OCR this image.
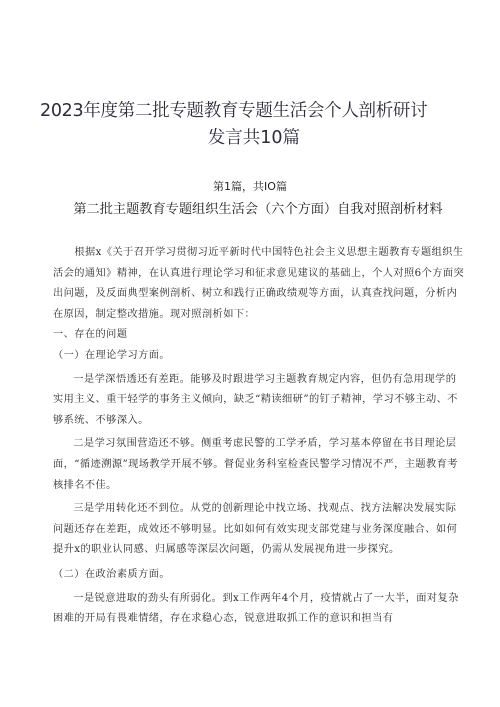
2023年度第二批专题教育专题生活会个人剖析研讨
发言共10篇
第1篇，共IO篇
第二批主题教育专题组织生活会（六个方面）自我对照剖析材料

根据x《关于召开学习贯彻习近平新时代中国特色社会主义思想主题教育专题组织生活会的通知》精神，在认真进行理论学习和征求意见建议的基础上，个人对照6个方面突出问题，及反面典型案例剖析、树立和践行正确政绩观等方面，认真查找问题，分析内在原因，制定整改措施。现对照剖析如下：

一、存在的问题

（一）在理论学习方面。

一是学深悟透还有差距。能够及时跟进学习主题教育规定内容，但仍有急用现学的实用主义、重干轻学的事务主义倾向，缺乏“精读细研”的钉子精神，学习不够主动、不够系统、不够深入。

二是学习氛围营造还不够。侧重考虑民警的工学矛盾，学习基本停留在书目理论层面，“循迹溯源”现场教学开展不够。督促业务科室检查民警学习情况不严，主题教育考核排名不佳。

三是学用转化还不到位。从党的创新理论中找立场、找观点、找方法解决发展实际问题还存在差距，成效还不够明显。比如如何有效实现支部党建与业务深度融合、如何提升x的职业认同感、归属感等深层次问题，仍需从发展视角进一步探究。

（二）在政治素质方面。

一是锐意进取的劲头有所弱化。到x工作两年4个月，疫情就占了一大半，面对复杂困难的开局有畏难情绪，存在求稳心态，锐意进取抓工作的意识和担当有
